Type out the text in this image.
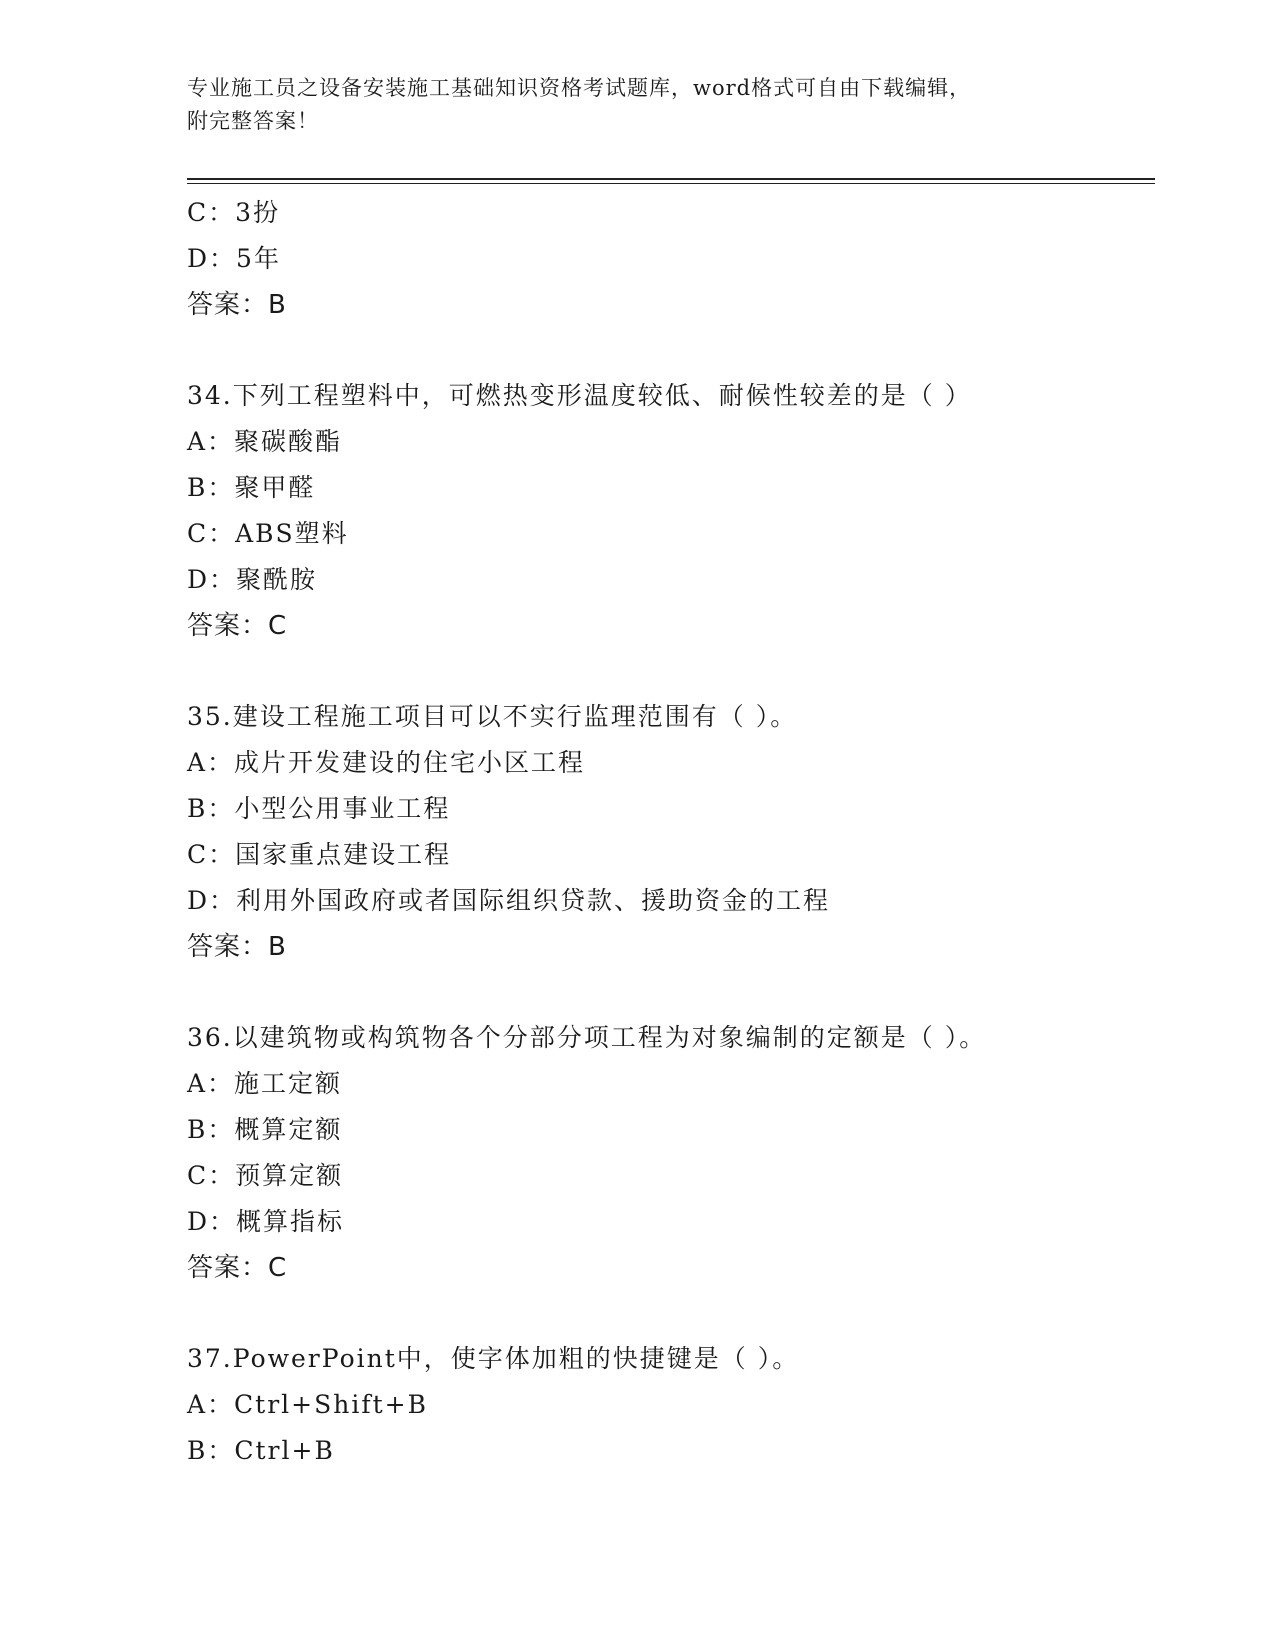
专业施工员之设备安装施工基础知识资格考试题库，word格式可自由下载编辑，
附完整答案！
C：3扮
D：5年
答案：B
34.下列工程塑料中，可燃热变形温度较低、耐候性较差的是（ ）
A：聚碳酸酯
B：聚甲醛
C：ABS塑料
D：聚酰胺
答案：C
35.建设工程施工项目可以不实行监理范围有（ ）。
A：成片开发建设的住宅小区工程
B：小型公用事业工程
C：国家重点建设工程
D：利用外国政府或者国际组织贷款、援助资金的工程
答案：B
36.以建筑物或构筑物各个分部分项工程为对象编制的定额是（ ）。
A：施工定额
B：概算定额
C：预算定额
D：概算指标
答案：C
37.PowerPoint中，使字体加粗的快捷键是（ ）。
A：Ctrl+Shift+B
B：Ctrl+B
